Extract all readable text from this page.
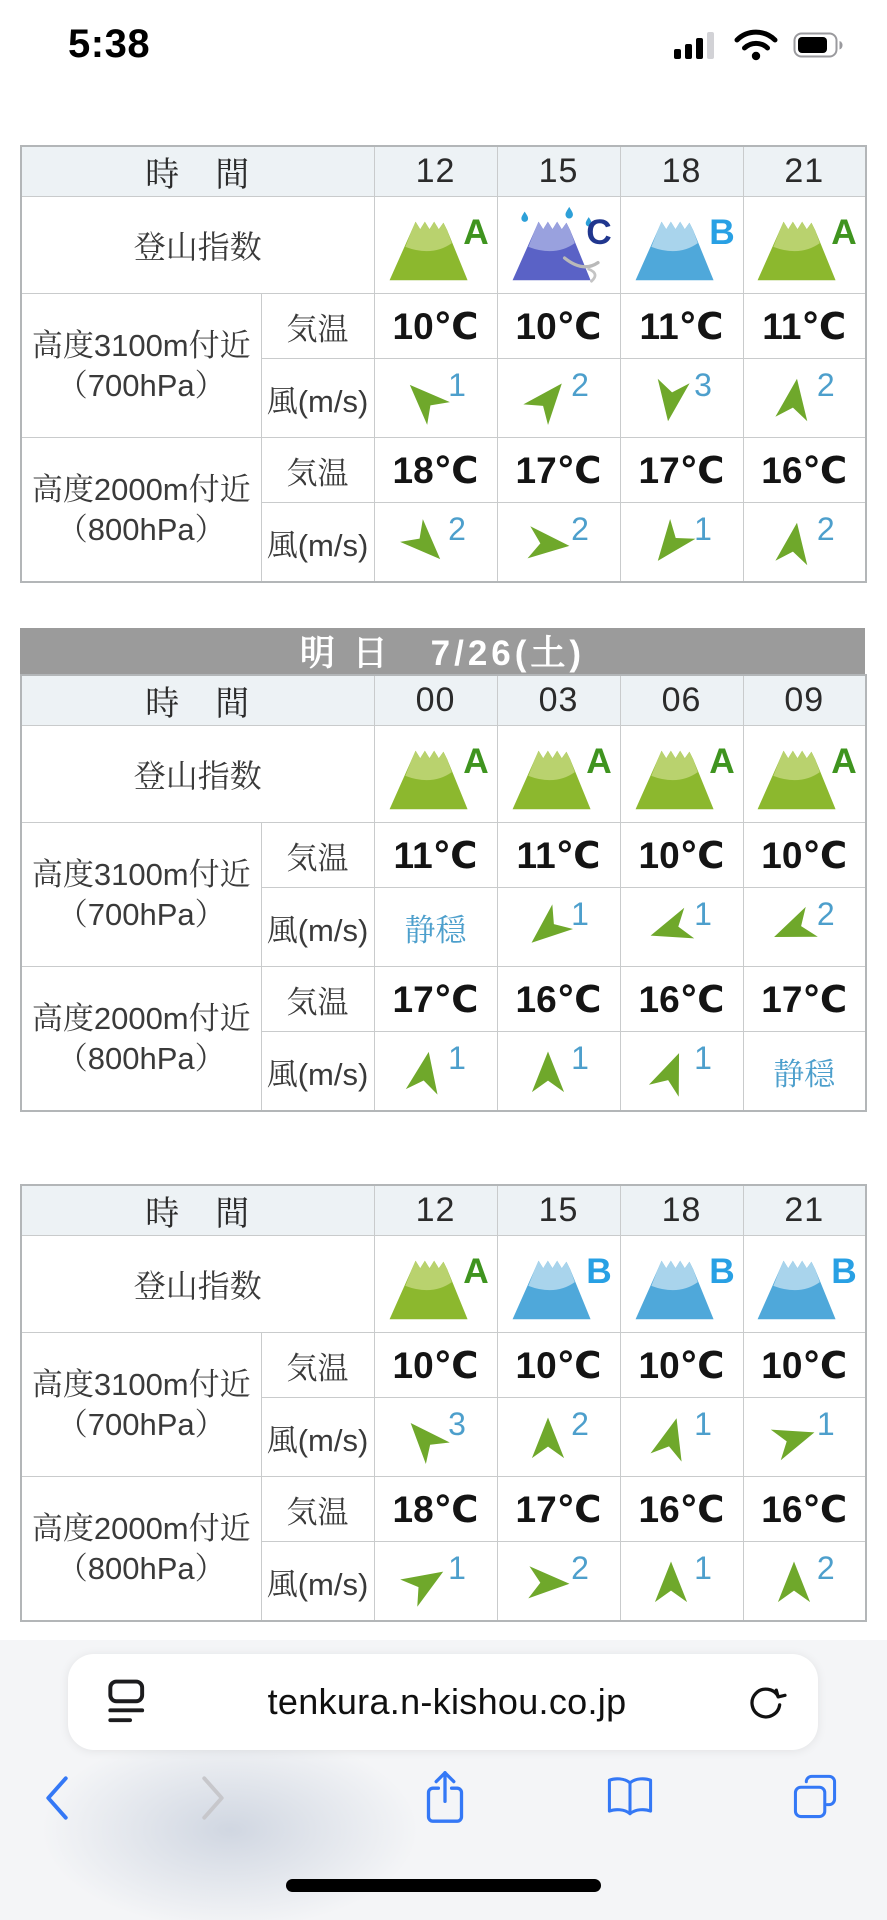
5:38
時　間		12	15	18	21
登山指数		A	C	B	A

高度3100m付近
（700hPa）	気温	10℃	10℃	11℃	11℃
	風(m/s)	1	2	3	2

高度2000m付近
（800hPa）	気温	18℃	17℃	17℃	16℃
	風(m/s)	2	2	1	2
明 日　7/26(土)
時　間		00	03	06	09
登山指数		A	A	A	A

高度3100m付近
（700hPa）	気温	11℃	11℃	10℃	10℃
	風(m/s)	静穏	1	1	2

高度2000m付近
（800hPa）	気温	17℃	16℃	16℃	17℃
	風(m/s)	1	1	1	静穏
時　間		12	15	18	21
登山指数		A	B	B	B

高度3100m付近
（700hPa）	気温	10℃	10℃	10℃	10℃
	風(m/s)	3	2	1	1

高度2000m付近
（800hPa）	気温	18℃	17℃	16℃	16℃
	風(m/s)	1	2	1	2
tenkura.n-kishou.co.jp
